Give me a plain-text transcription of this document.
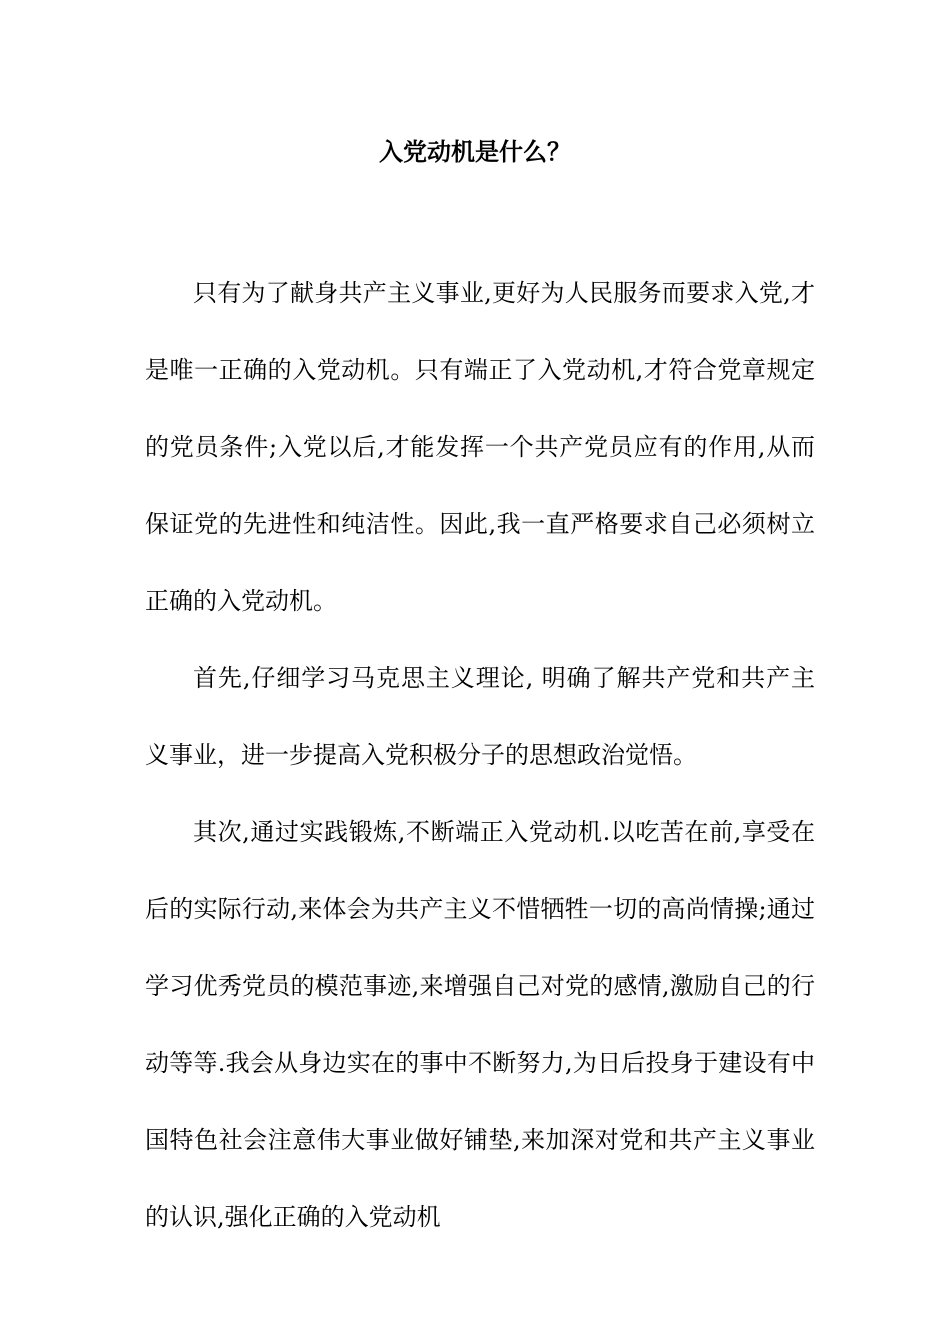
入党动机是什么？

只有为了献身共产主义事业,更好为人民服务而要求入党,才是唯一正确的入党动机。只有端正了入党动机,才符合党章规定的党员条件;入党以后,才能发挥一个共产党员应有的作用,从而保证党的先进性和纯洁性。因此,我一直严格要求自己必须树立正确的入党动机。

首先,仔细学习马克思主义理论, 明确了解共产党和共产主义事业，进一步提高入党积极分子的思想政治觉悟。

其次,通过实践锻炼,不断端正入党动机.以吃苦在前,享受在后的实际行动,来体会为共产主义不惜牺牲一切的高尚情操;通过学习优秀党员的模范事迹,来增强自己对党的感情,激励自己的行动等等.我会从身边实在的事中不断努力,为日后投身于建设有中国特色社会注意伟大事业做好铺垫,来加深对党和共产主义事业的认识,强化正确的入党动机
